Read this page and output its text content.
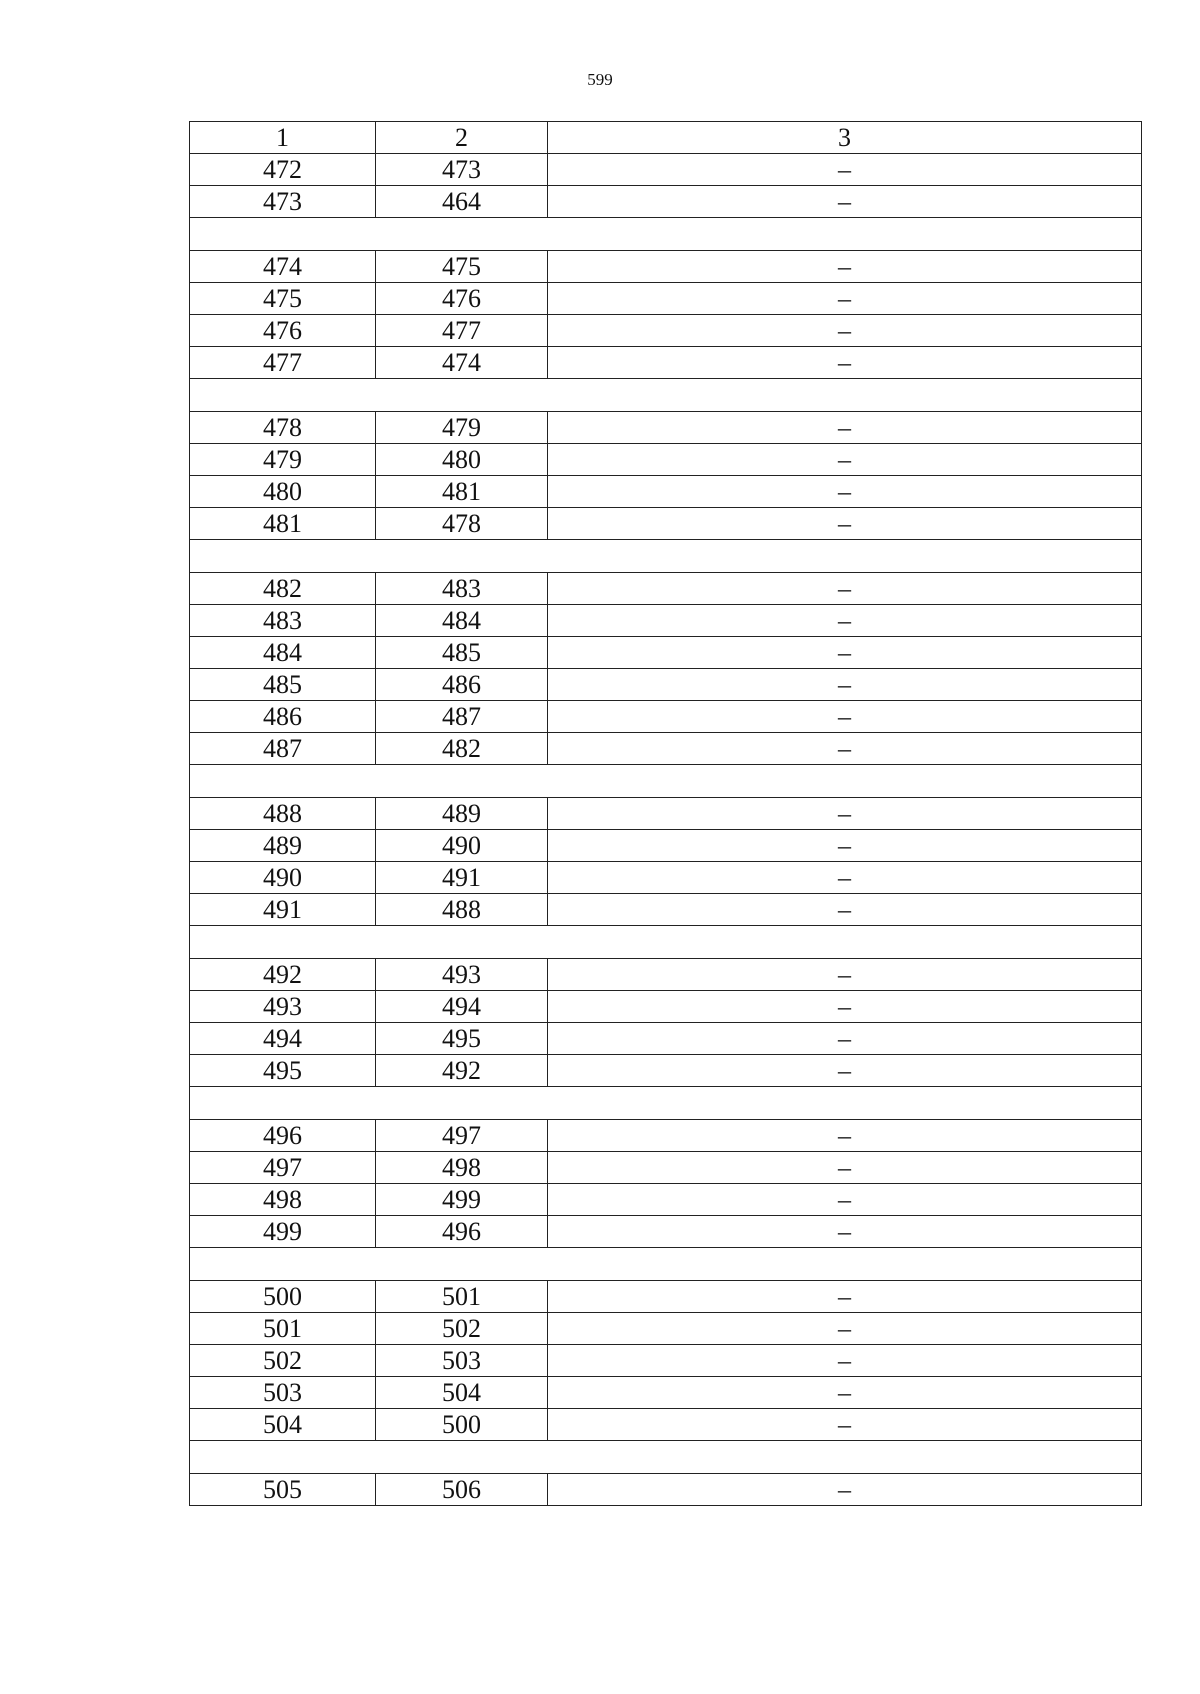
599
1	2	3
472	473	–
473	464	–

474	475	–
475	476	–
476	477	–
477	474	–

478	479	–
479	480	–
480	481	–
481	478	–

482	483	–
483	484	–
484	485	–
485	486	–
486	487	–
487	482	–

488	489	–
489	490	–
490	491	–
491	488	–

492	493	–
493	494	–
494	495	–
495	492	–

496	497	–
497	498	–
498	499	–
499	496	–

500	501	–
501	502	–
502	503	–
503	504	–
504	500	–

505	506	–
